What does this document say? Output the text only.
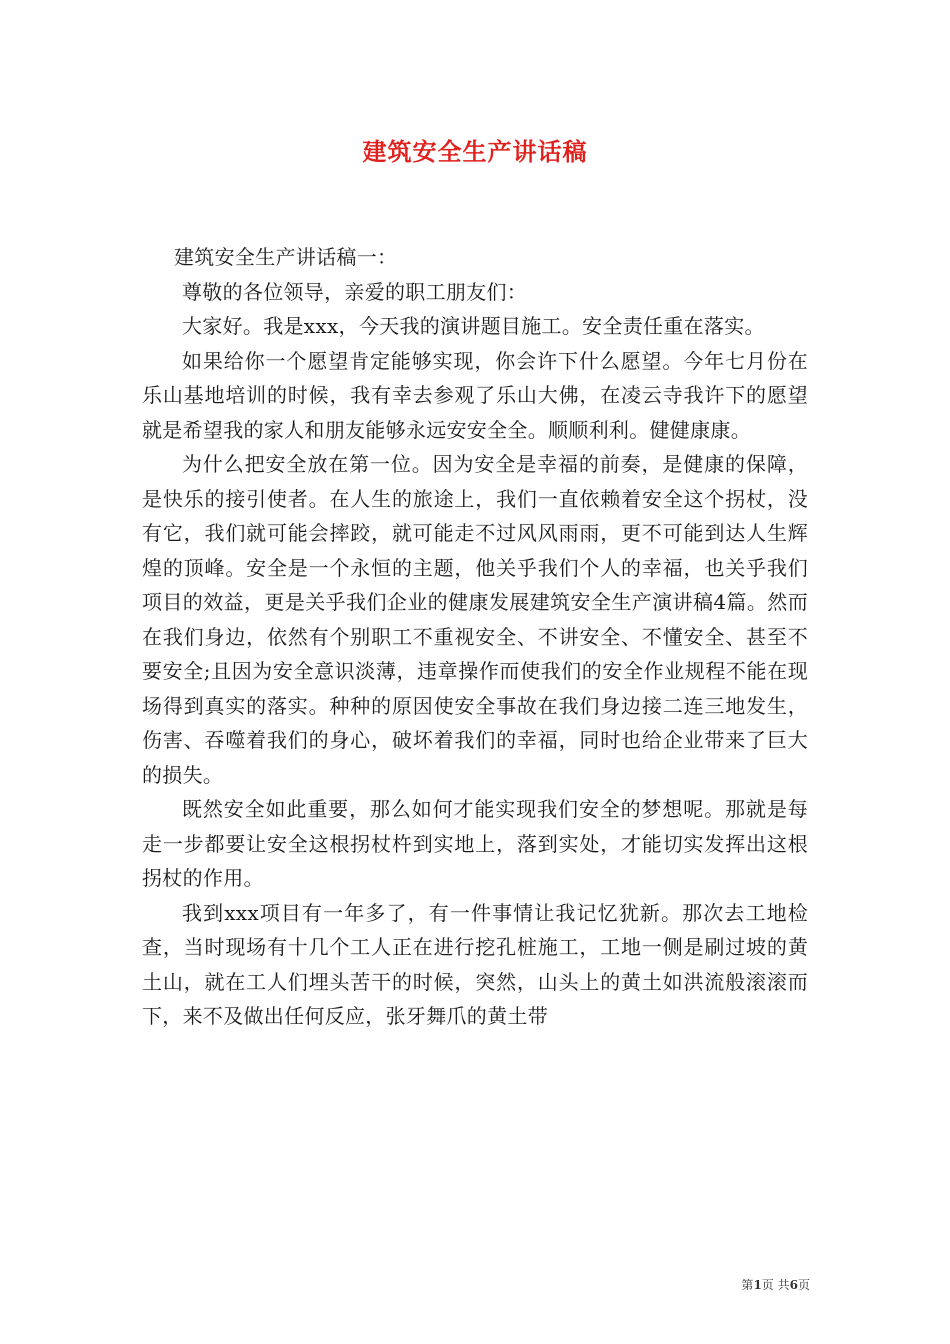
建筑安全生产讲话稿

建筑安全生产讲话稿一：

尊敬的各位领导，亲爱的职工朋友们：

大家好。我是xxx，今天我的演讲题目施工。安全责任重在落实。

如果给你一个愿望肯定能够实现，你会许下什么愿望。今年七月份在乐山基地培训的时候，我有幸去参观了乐山大佛，在凌云寺我许下的愿望就是希望我的家人和朋友能够永远安安全全。顺顺利利。健健康康。

为什么把安全放在第一位。因为安全是幸福的前奏，是健康的保障，是快乐的接引使者。在人生的旅途上，我们一直依赖着安全这个拐杖，没有它，我们就可能会摔跤，就可能走不过风风雨雨，更不可能到达人生辉煌的顶峰。安全是一个永恒的主题，他关乎我们个人的幸福，也关乎我们项目的效益，更是关乎我们企业的健康发展建筑安全生产演讲稿4篇。然而在我们身边，依然有个别职工不重视安全、不讲安全、不懂安全、甚至不要安全;且因为安全意识淡薄，违章操作而使我们的安全作业规程不能在现场得到真实的落实。种种的原因使安全事故在我们身边接二连三地发生，伤害、吞噬着我们的身心，破坏着我们的幸福，同时也给企业带来了巨大的损失。

既然安全如此重要，那么如何才能实现我们安全的梦想呢。那就是每走一步都要让安全这根拐杖杵到实地上，落到实处，才能切实发挥出这根拐杖的作用。

我到xxx项目有一年多了，有一件事情让我记忆犹新。那次去工地检查，当时现场有十几个工人正在进行挖孔桩施工，工地一侧是刷过坡的黄土山，就在工人们埋头苦干的时候，突然，山头上的黄土如洪流般滚滚而下，来不及做出任何反应，张牙舞爪的黄土带

第1页 共6页
